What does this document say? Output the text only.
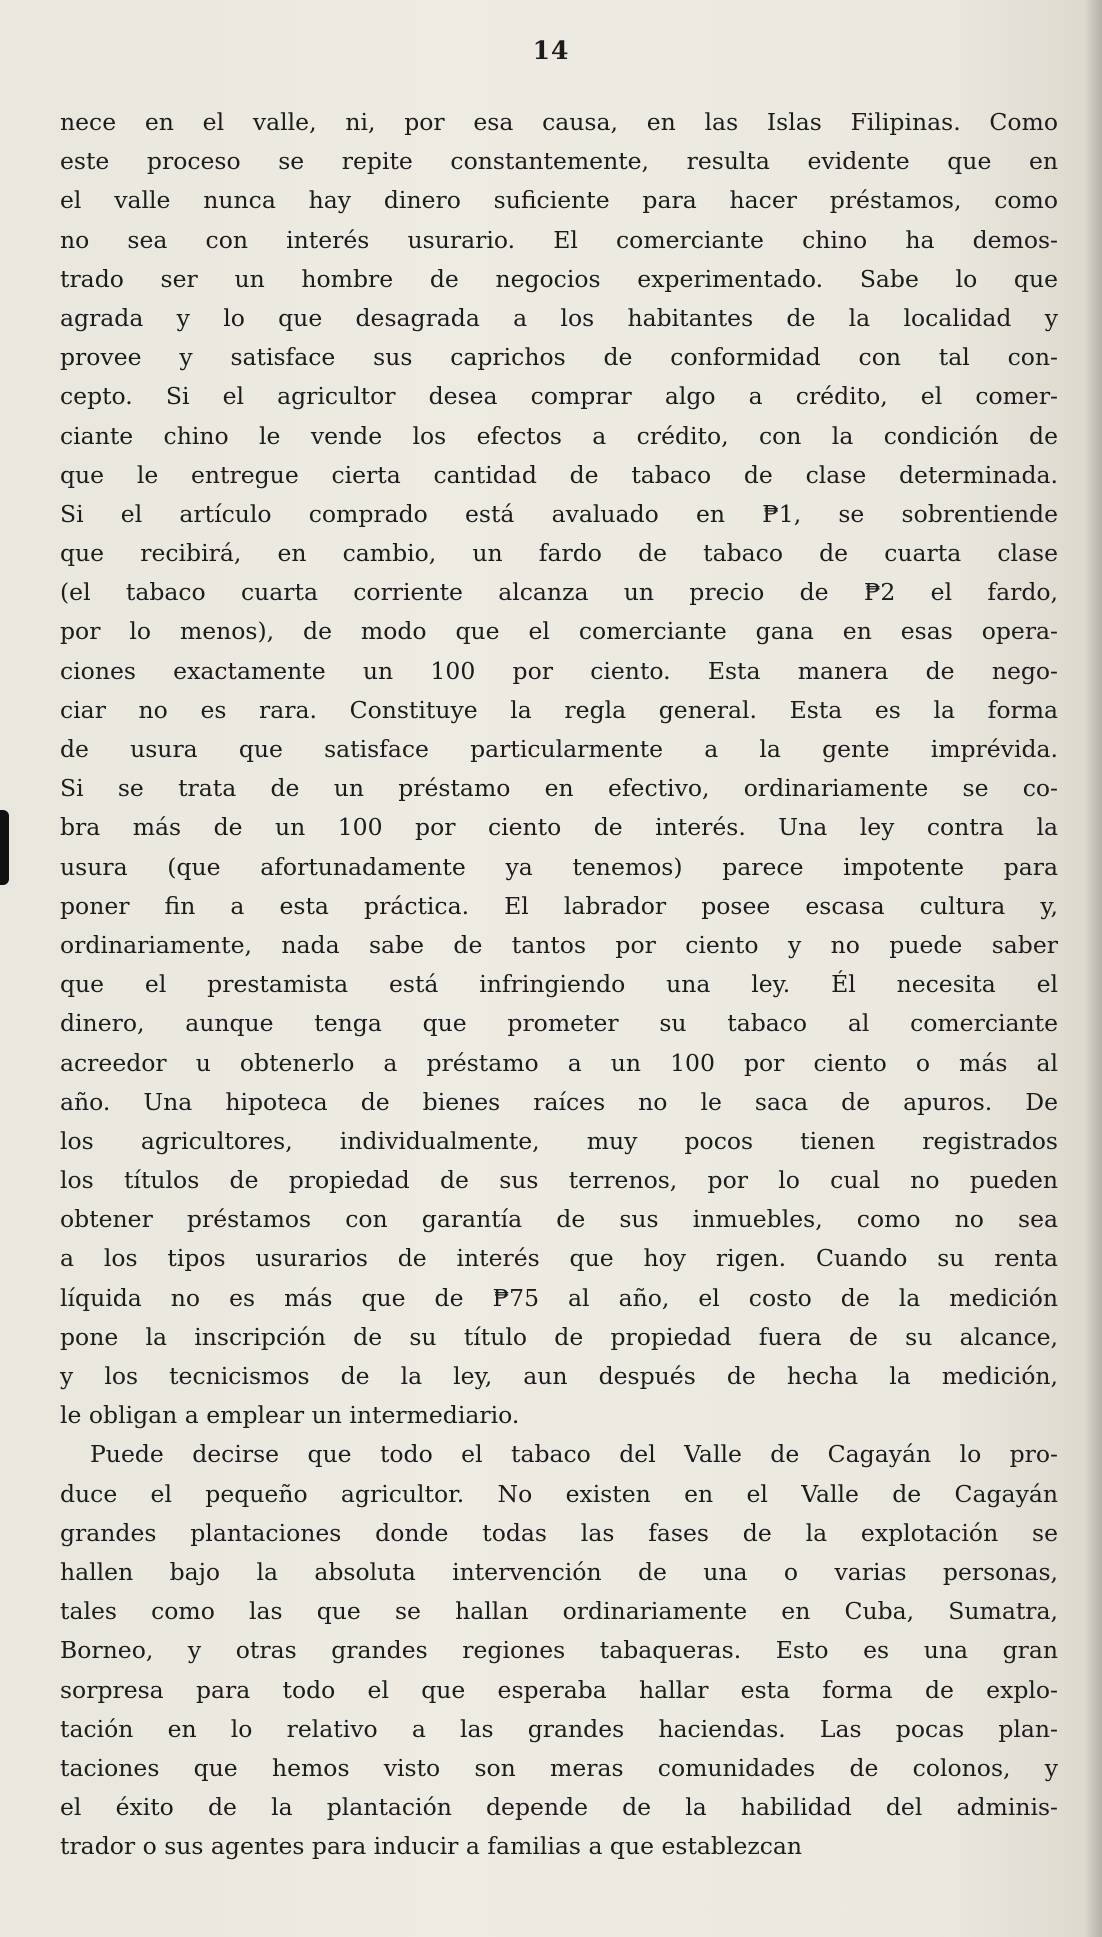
14
nece en el valle, ni, por esa causa, en las Islas Filipinas. Como
este proceso se repite constantemente, resulta evidente que en
el valle nunca hay dinero suficiente para hacer préstamos, como
no sea con interés usurario. El comerciante chino ha demos-
trado ser un hombre de negocios experimentado. Sabe lo que
agrada y lo que desagrada a los habitantes de la localidad y
provee y satisface sus caprichos de conformidad con tal con-
cepto. Si el agricultor desea comprar algo a crédito, el comer-
ciante chino le vende los efectos a crédito, con la condición de
que le entregue cierta cantidad de tabaco de clase determinada.
Si el artículo comprado está avaluado en ₱1, se sobrentiende
que recibirá, en cambio, un fardo de tabaco de cuarta clase
(el tabaco cuarta corriente alcanza un precio de ₱2 el fardo,
por lo menos), de modo que el comerciante gana en esas opera-
ciones exactamente un 100 por ciento. Esta manera de nego-
ciar no es rara. Constituye la regla general. Esta es la forma
de usura que satisface particularmente a la gente imprévida.
Si se trata de un préstamo en efectivo, ordinariamente se co-
bra más de un 100 por ciento de interés. Una ley contra la
usura (que afortunadamente ya tenemos) parece impotente para
poner fin a esta práctica. El labrador posee escasa cultura y,
ordinariamente, nada sabe de tantos por ciento y no puede saber
que el prestamista está infringiendo una ley. Él necesita el
dinero, aunque tenga que prometer su tabaco al comerciante
acreedor u obtenerlo a préstamo a un 100 por ciento o más al
año. Una hipoteca de bienes raíces no le saca de apuros. De
los agricultores, individualmente, muy pocos tienen registrados
los títulos de propiedad de sus terrenos, por lo cual no pueden
obtener préstamos con garantía de sus inmuebles, como no sea
a los tipos usurarios de interés que hoy rigen. Cuando su renta
líquida no es más que de ₱75 al año, el costo de la medición
pone la inscripción de su título de propiedad fuera de su alcance,
y los tecnicismos de la ley, aun después de hecha la medición,
le obligan a emplear un intermediario.
Puede decirse que todo el tabaco del Valle de Cagayán lo pro-
duce el pequeño agricultor. No existen en el Valle de Cagayán
grandes plantaciones donde todas las fases de la explotación se
hallen bajo la absoluta intervención de una o varias personas,
tales como las que se hallan ordinariamente en Cuba, Sumatra,
Borneo, y otras grandes regiones tabaqueras. Esto es una gran
sorpresa para todo el que esperaba hallar esta forma de explo-
tación en lo relativo a las grandes haciendas. Las pocas plan-
taciones que hemos visto son meras comunidades de colonos, y
el éxito de la plantación depende de la habilidad del adminis-
trador o sus agentes para inducir a familias a que establezcan
